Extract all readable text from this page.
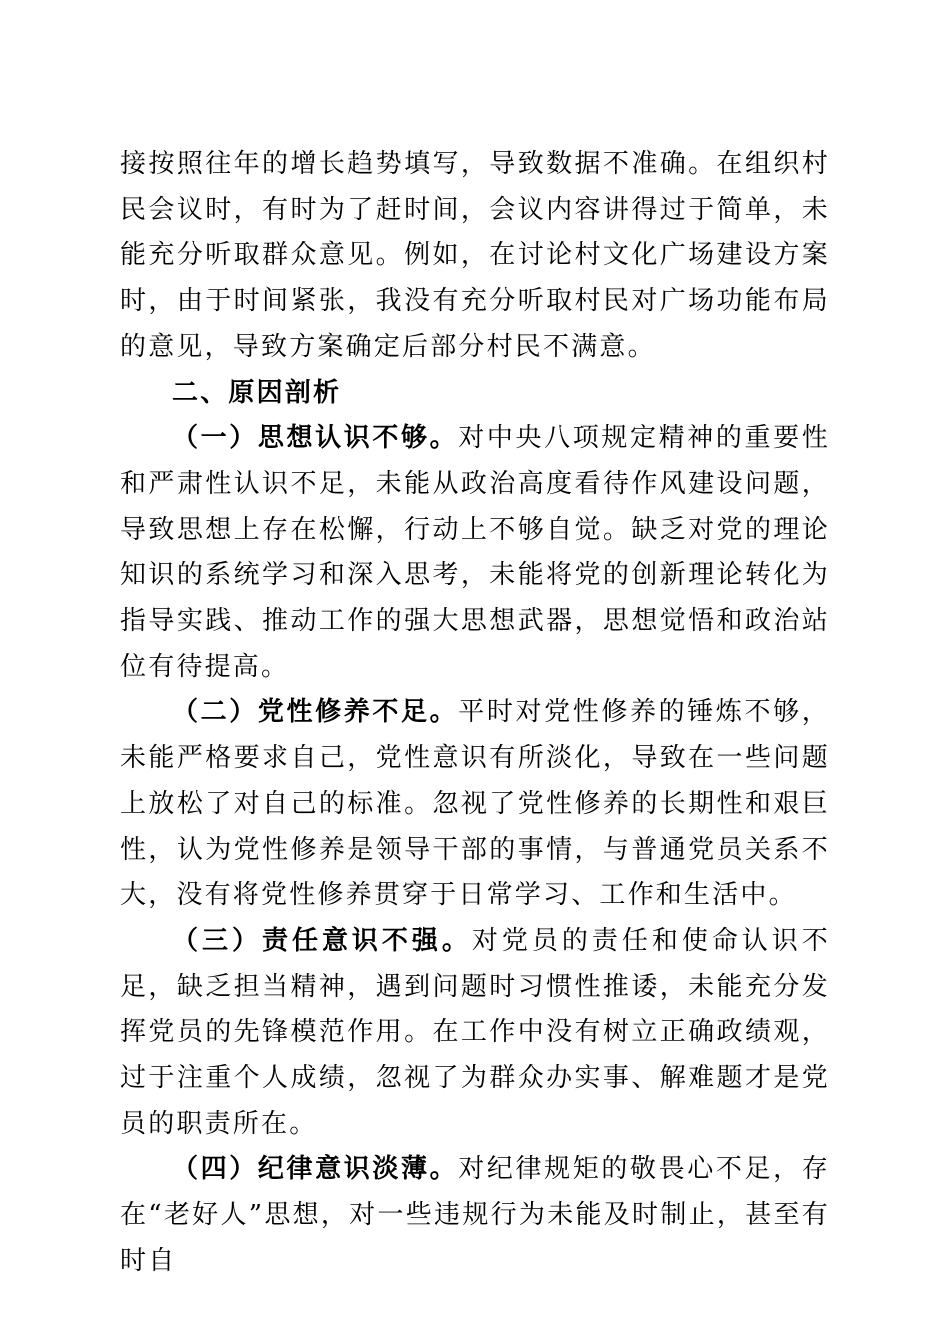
接按照往年的增长趋势填写，导致数据不准确。在组织村民会议时，有时为了赶时间，会议内容讲得过于简单，未能充分听取群众意见。例如，在讨论村文化广场建设方案时，由于时间紧张，我没有充分听取村民对广场功能布局的意见，导致方案确定后部分村民不满意。

二、原因剖析

（一）思想认识不够。对中央八项规定精神的重要性和严肃性认识不足，未能从政治高度看待作风建设问题，导致思想上存在松懈，行动上不够自觉。缺乏对党的理论知识的系统学习和深入思考，未能将党的创新理论转化为指导实践、推动工作的强大思想武器，思想觉悟和政治站位有待提高。

（二）党性修养不足。平时对党性修养的锤炼不够，未能严格要求自己，党性意识有所淡化，导致在一些问题上放松了对自己的标准。忽视了党性修养的长期性和艰巨性，认为党性修养是领导干部的事情，与普通党员关系不大，没有将党性修养贯穿于日常学习、工作和生活中。

（三）责任意识不强。对党员的责任和使命认识不足，缺乏担当精神，遇到问题时习惯性推诿，未能充分发挥党员的先锋模范作用。在工作中没有树立正确政绩观，过于注重个人成绩，忽视了为群众办实事、解难题才是党员的职责所在。

（四）纪律意识淡薄。对纪律规矩的敬畏心不足，存在“老好人”思想，对一些违规行为未能及时制止，甚至有时自
